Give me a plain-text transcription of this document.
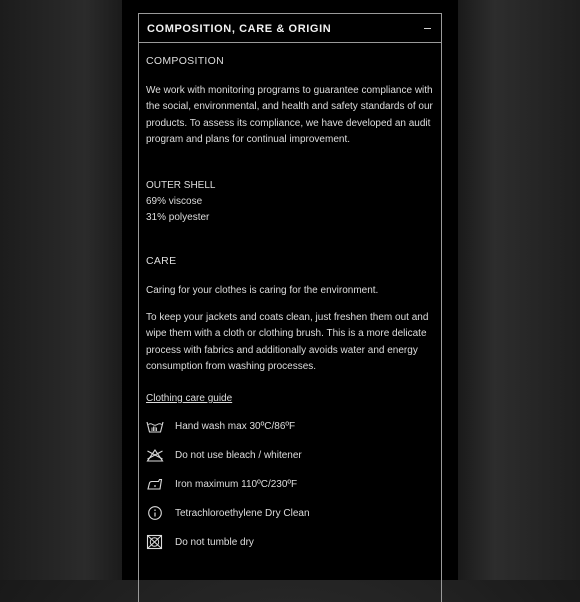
COMPOSITION, CARE & ORIGIN
COMPOSITION
We work with monitoring programs to guarantee compliance with the social, environmental, and health and safety standards of our products. To assess its compliance, we have developed an audit program and plans for continual improvement.
OUTER SHELL
69% viscose
31% polyester
CARE
Caring for your clothes is caring for the environment.
To keep your jackets and coats clean, just freshen them out and wipe them with a cloth or clothing brush. This is a more delicate process with fabrics and additionally avoids water and energy consumption from washing processes.
Clothing care guide
Hand wash max 30ºC/86ºF
Do not use bleach / whitener
Iron maximum 110ºC/230ºF
Tetrachloroethylene Dry Clean
Do not tumble dry
